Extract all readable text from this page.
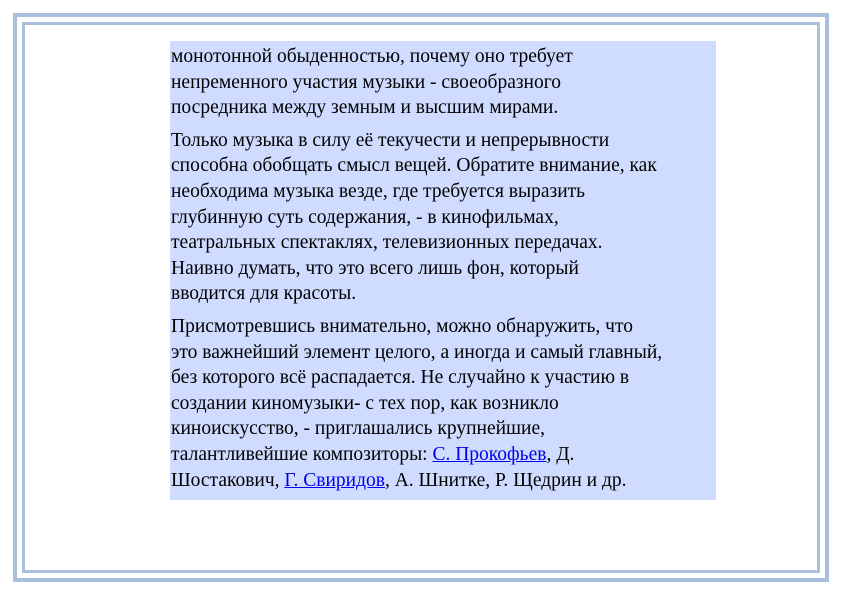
монотонной обыденностью, почему оно требует
непременного участия музыки - своеобразного
посредника между земным и высшим мирами.
Только музыка в силу её текучести и непрерывности
способна обобщать смысл вещей. Обратите внимание, как
необходима музыка везде, где требуется выразить
глубинную суть содержания, - в кинофильмах,
театральных спектаклях, телевизионных передачах.
Наивно думать, что это всего лишь фон, который
вводится для красоты.
Присмотревшись внимательно, можно обнаружить, что
это важнейший элемент целого, а иногда и самый главный,
без которого всё распадается. Не случайно к участию в
создании киномузыки- с тех пор, как возникло
киноискусство, - приглашались крупнейшие,
талантливейшие композиторы: С. Прокофьев, Д.
Шостакович, Г. Свиридов, А. Шнитке, Р. Щедрин и др.
